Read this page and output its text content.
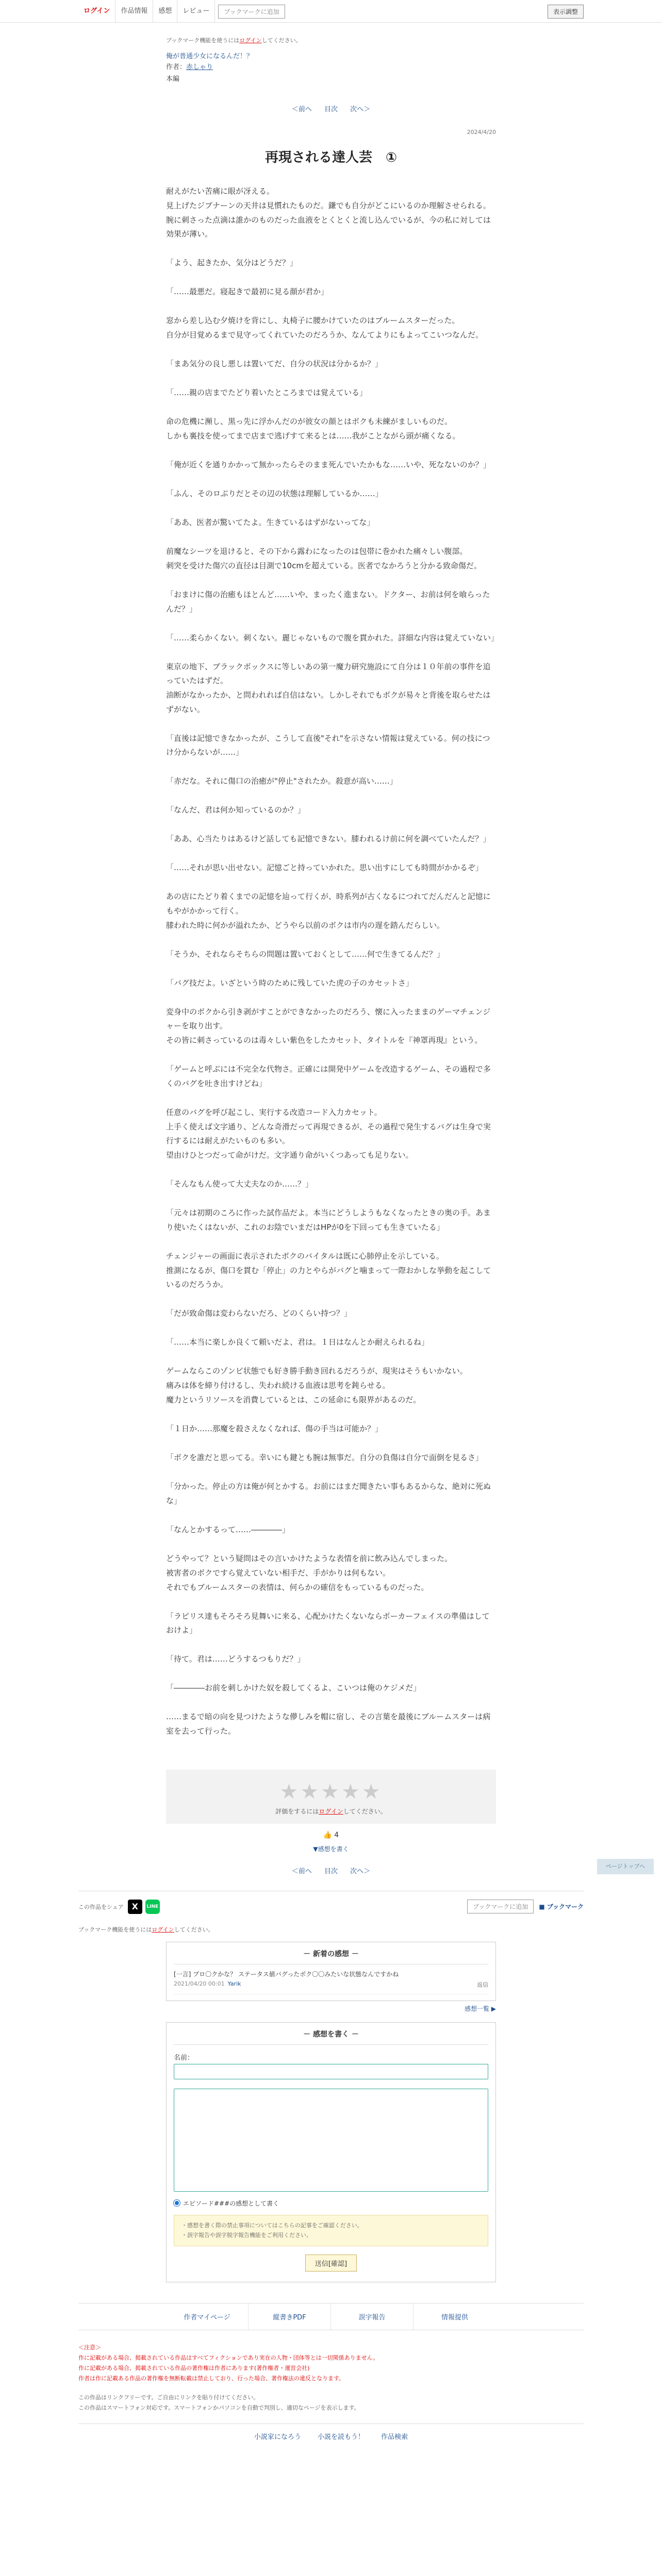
ログイン	作品情報	感想	レビュー	ブックマークに追加	表示調整
ブックマーク機能を使うにはログインしてください。
俺が普通少女になるんだ！？
作者：赤しゃり
本編
＜前へ 目次 次へ＞
2024/4/20
再現される達人芸　①

耐えがたい苦痛に眼が冴える。

見上げたジブナーンの天井は見慣れたものだ。鎌でも自分がどこにいるのか理解させられる。

腕に刺さった点滴は誰かのものだった血液をとくとくと流し込んでいるが、今の私に対しては効果が薄い。

「よう、起きたか、気分はどうだ？」

「……最悪だ。寝起きで最初に見る顔が君か」

窓から差し込む夕焼けを背にし、丸椅子に腰かけていたのはブルームスターだった。

自分が目覚めるまで見守ってくれていたのだろうか、なんてよりにもよってこいつなんだ。

「まあ気分の良し悪しは置いてだ、自分の状況は分かるか？」

「……親の店までたどり着いたところまでは覚えている」

命の危機に瀕し、黒っ先に浮かんだのが彼女の顔とはボクも未練がましいものだ。

しかも裏技を使ってまで店まで逃げすて来るとは……我がことながら頭が痛くなる。

「俺が近くを通りかかって無かったらそのまま死んでいたかもな……いや、死なないのか？」

「ふん、そのロぶりだとその辺の状態は理解しているか……」

「ああ、医者が驚いてたよ。生きているはずがないってな」

前魔なシーツを退けると、その下から露わになったのは包帯に巻かれた痛々しい腹部。

刺突を受けた傷穴の直径は目測で10cmを超えている。医者でなかろうと分かる致命傷だ。

「おまけに傷の治癒もほとんど……いや、まったく進まない。ドクター、お前は何を喰らったんだ？」

「……柔らかくない。刺くない。麗じゃないもので腹を貫かれた。詳細な内容は覚えていない」

東京の地下、ブラックボックスに等しいあの第一魔力研究施設にて自分は１０年前の事件を追っていたはずだ。

油断がなかったか、と問われれば自信はない。しかしそれでもボクが易々と背後を取らせたはずがない。

「直後は記憶できなかったが、こうして直後"それ"を示さない情報は覚えている。何の技につけ分からないが……」

「赤だな。それに傷口の治癒が"停止"されたか。殺意が高い……」

「なんだ、君は何か知っているのか？」

「ああ、心当たりはあるけど話しても記憶できない。膝われるけ前に何を調べていたんだ？」

「……それが思い出せない。記憶ごと持っていかれた。思い出すにしても時間がかかるぞ」

あの店にたどり着くまでの記憶を辿って行くが、時系列が古くなるにつれてだんだんと記憶にもやがかかって行く。

膝われた時に何かが溢れたか、どうやら以前のボクは市内の遅を踏んだらしい。

「そうか、それならそちらの問題は置いておくとして……何で生きてるんだ？」

「バグ技だよ。いざという時のために残していた虎の子のカセットさ」

変身中のボクから引き剥がすことができなかったのだろう、懐に入ったままのゲーマチェンジャーを取り出す。

その皆に刺さっているのは毒々しい紫色をしたカセット、タイトルを『神罩再現』という。

「ゲームと呼ぶには不完全な代物さ。正確には開発中ゲームを改造するゲーム、その過程で多くのバグを吐き出すけどね」

任意のバグを呼び起こし、実行する改造コード入力カセット。

上手く使えば文字通り、どんな奇滑だって再現できるが、その過程で発生するバグは生身で実行するには耐えがたいものも多い。

望由けひとつだって命がけだ。文字通り命がいくつあっても足りない。

「そんなもん使って大丈夫なのか……？」

「元々は初期のころに作った試作品だよ。本当にどうしようもなくなったときの奥の手。あまり使いたくはないが、これのお陰でいまだはHPが0を下回っても生きていたる」

チェンジャーの画面に表示されたボクのバイタルは既に心肺停止を示している。

推測になるが、傷口を貫む「停止」の力とやらがバグと噛まって一際おかしな挙動を起こしているのだろうか。

「だが致命傷は変わらないだろ、どのくらい持つ？」

「……本当に楽しか良くて頼いだよ、君は。１日はなんとか耐えられるね」

ゲームならこのゾンビ状態でも好き勝手動き回れるだろうが、現実はそうもいかない。

痛みは体を締り付けるし、失われ続ける血液は思考を鈍らせる。

魔力というリソースを消費しているとは、この延命にも限界があるのだ。

「１日か……那魔を殺さえなくなれば、傷の手当は可能か？」

「ボクを誰だと思ってる。幸いにも鍵とも腕は無事だ。自分の負傷は自分で面倒を見るさ」

「分かった。停止の方は俺が何とかする。お前にはまだ聞きたい事もあるからな、絶対に死ぬな」

「なんとかするって……――――」

どうやって？という疑問はその言いかけたような表情を前に飲み込んでしまった。

被害者のボクですら覚えていない相手だ、手がかりは何もない。

それでもブルームスターの表情は、何らかの確信をもっているものだった。

「ラピリス達もそろそろ見舞いに来る、心配かけたくないならポーカーフェイスの準備はしておけよ」

「待て。君は……どうするつもりだ？」

「――――お前を刺しかけた奴を殺してくるよ、こいつは俺のケジメだ」

……まるで暗の向を見つけたような儚しみを帽に宿し、その言葉を最後にブルームスターは病室を去って行った。

★★★★★
評価をするにはログインしてください。
👍 4
▼感想を書く
＜前へ 目次 次へ＞
この作品をシェア X	LINE	ブックマークに追加	■ ブックマーク
ブックマーク機能を使うにはログインしてください。
－ 新着の感想 －
[一言] プロ〇クかな？ ステータス値バグったボク〇〇みたいな状態なんですかね
2021/04/20 00:01 Yarik	返信
感想一覧 ▶
－ 感想を書く －
名前：
エピソード###の感想として書く
・感想を書く際の禁止事項についてはこちらの記事をご確認ください。
・誤字報告や誤字脱字報告機能をご利用ください。
送信[確認]
作者マイページ	縦書きPDF	誤字報告	情報提供
＜注意＞
作に記載がある場合、掲載されている作品はすべてフィクションであり実在の人物・団体等とは一切関係ありません。
作に記載がある場合、掲載されている作品の著作権は作者にあります(著作権者・運営会社)
作者は作に記載ある作品の著作権を無断転載は禁止しており、行った場合、著作権法の違反となります。
この作品はリンクフリーです。ご自由にリンクを貼り付けてください。
この作品はスマートフォン対応です。スマートフォンかパソコンを自動で判別し、適切なページを表示します。
小説家になろう 小説を読もう！ 作品検索
ページトップへ
